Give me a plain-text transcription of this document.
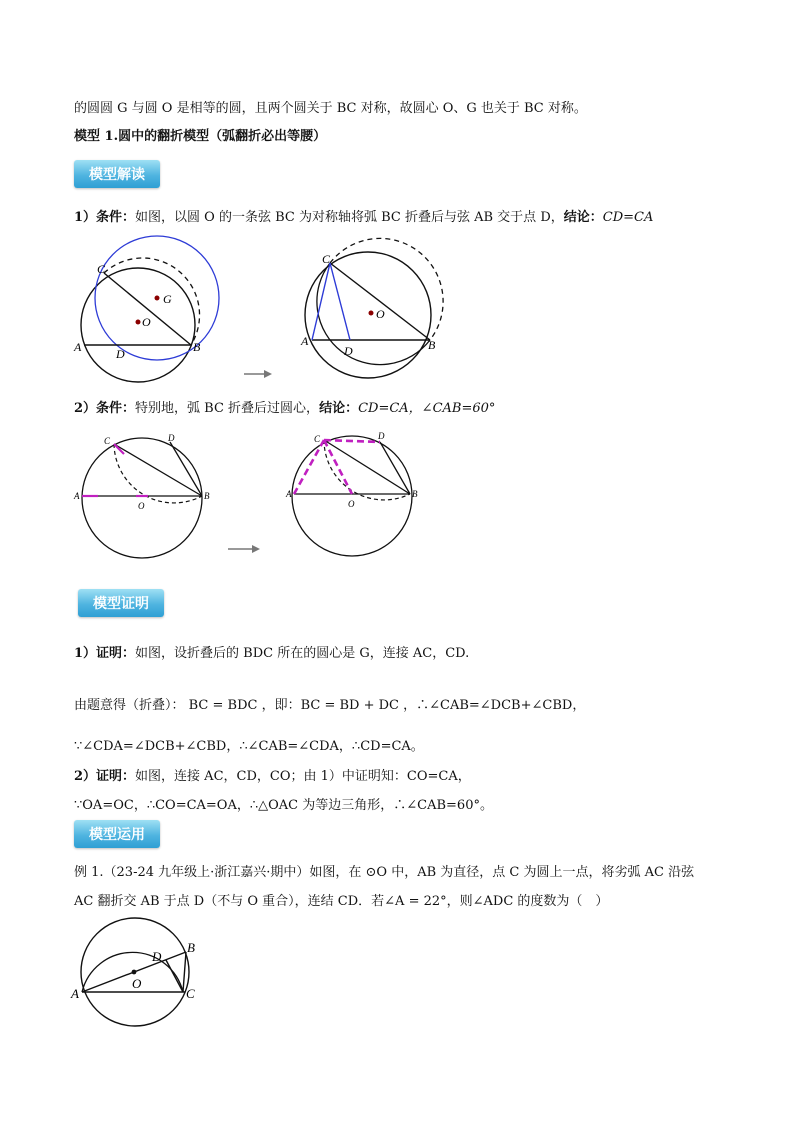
的圆圆 G 与圆 O 是相等的圆，且两个圆关于 BC 对称，故圆心 O、G 也关于 BC 对称。
模型 1.圆中的翻折模型（弧翻折必出等腰）
模型解读
1）条件：如图，以圆 O 的一条弦 BC 为对称轴将弧 BC 折叠后与弦 AB 交于点 D，结论：CD=CA
C
G
O
A	D	B
C
O
A
D	B
2）条件：特别地，弧 BC 折叠后过圆心，结论：CD=CA，∠CAB=60°
C	D
A
O
B
C	D
A
O
B
模型证明
1）证明：如图，设折叠后的 BDC 所在的圆心是 G，连接 AC，CD.
由题意得（折叠）： BC = BDC ，即：BC = BD + DC ，∴∠CAB=∠DCB+∠CBD，
∵∠CDA=∠DCB+∠CBD，∴∠CAB=∠CDA，∴CD=CA。
2）证明：如图，连接 AC，CD，CO；由 1）中证明知：CO=CA，
∵OA=OC，∴CO=CA=OA，∴△OAC 为等边三角形，∴∠CAB=60°。
模型运用
例 1.（23-24 九年级上·浙江嘉兴·期中）如图，在 ⊙O 中，AB 为直径，点 C 为圆上一点，将劣弧 AC 沿弦
AC 翻折交 AB 于点 D（不与 O 重合），连结 CD．若∠A = 22°，则∠ADC 的度数为（　）
B
D
O
A	C
